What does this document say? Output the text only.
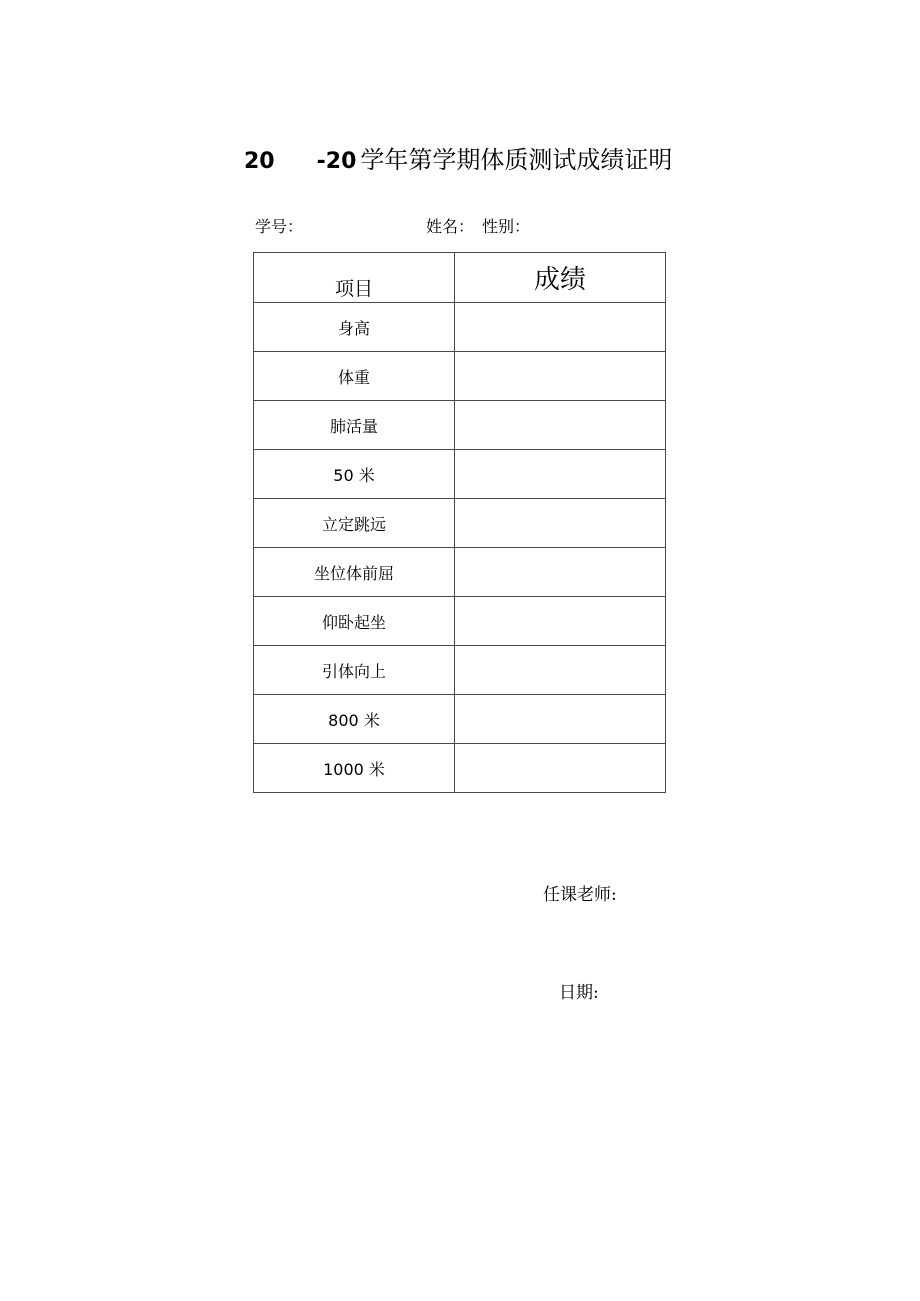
20 -20 学年第学期体质测试成绩证明
学号：	姓名： 性别：
项目	成绩

身高	
体重	
肺活量	
50 米	
立定跳远	
坐位体前屈	
仰卧起坐	
引体向上	
800 米	
1000 米	
任课老师:
日期:
